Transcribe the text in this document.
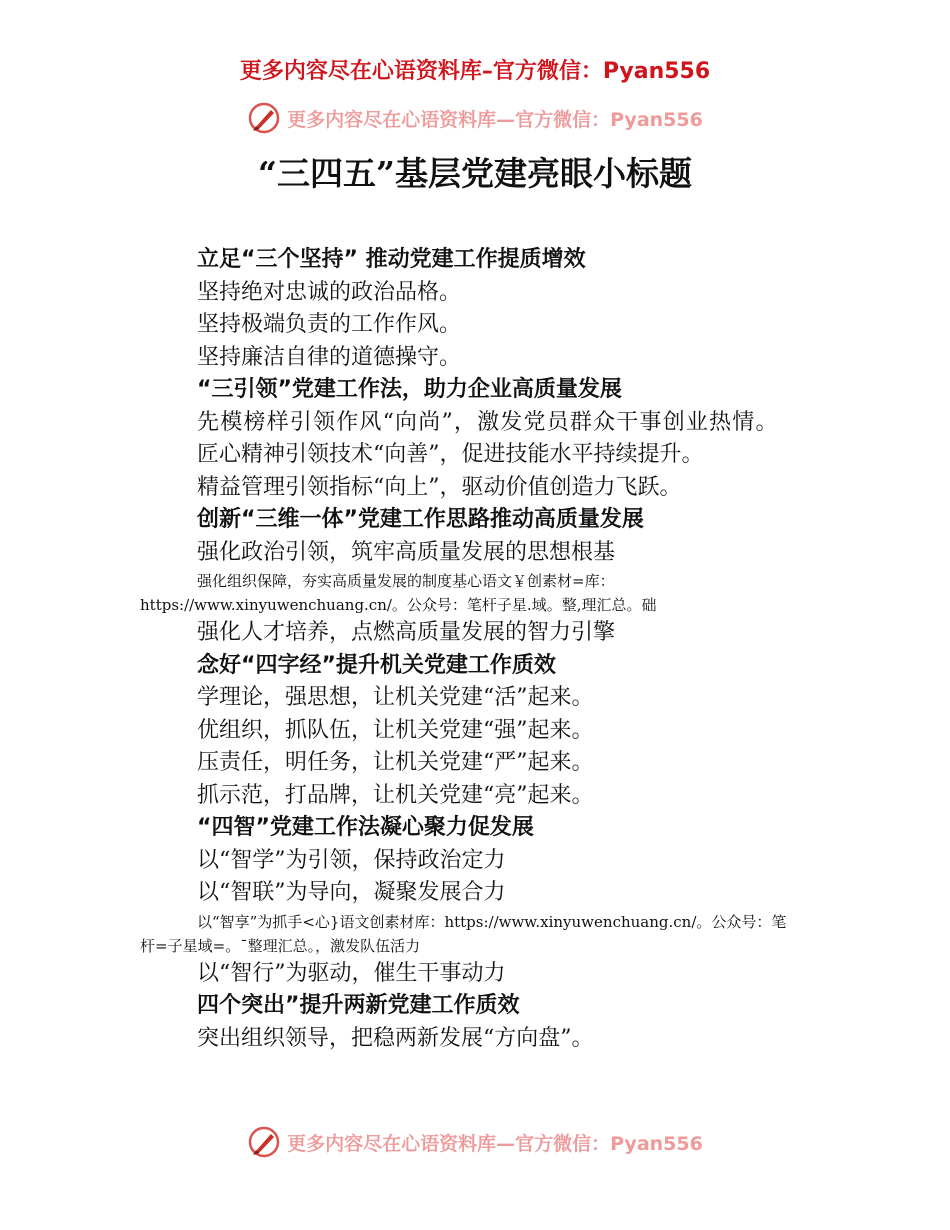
更多内容尽在心语资料库–官方微信：Pyan556
更多内容尽在心语资料库—官方微信：Pyan556
“三四五”基层党建亮眼小标题

立足“三个坚持” 推动党建工作提质增效

坚持绝对忠诚的政治品格。

坚持极端负责的工作作风。

坚持廉洁自律的道德操守。

“三引领”党建工作法，助力企业高质量发展

先模榜样引领作风“向尚”，激发党员群众干事创业热情。

匠心精神引领技术“向善”，促进技能水平持续提升。

精益管理引领指标“向上”，驱动价值创造力飞跃。

创新“三维一体”党建工作思路推动高质量发展

强化政治引领，筑牢高质量发展的思想根基

强化组织保障，夯实高质量发展的制度基心语文￥创素材=库：https://www.xinyuwenchuang.cn/。公众号：笔杆子星.域。整,理汇总。础

强化人才培养，点燃高质量发展的智力引擎

念好“四字经”提升机关党建工作质效

学理论，强思想，让机关党建“活”起来。

优组织，抓队伍，让机关党建“强”起来。

压责任，明任务，让机关党建“严”起来。

抓示范，打品牌，让机关党建“亮”起来。

“四智”党建工作法凝心聚力促发展

以“智学”为引领，保持政治定力

以“智联”为导向，凝聚发展合力

以“智享”为抓手<心}语文创素材库：https://www.xinyuwenchuang.cn/。公众号：笔杆=子星域=。¯整理汇总。，激发队伍活力

以“智行”为驱动，催生干事动力

四个突出”提升两新党建工作质效

突出组织领导，把稳两新发展“方向盘”。

更多内容尽在心语资料库—官方微信：Pyan556
